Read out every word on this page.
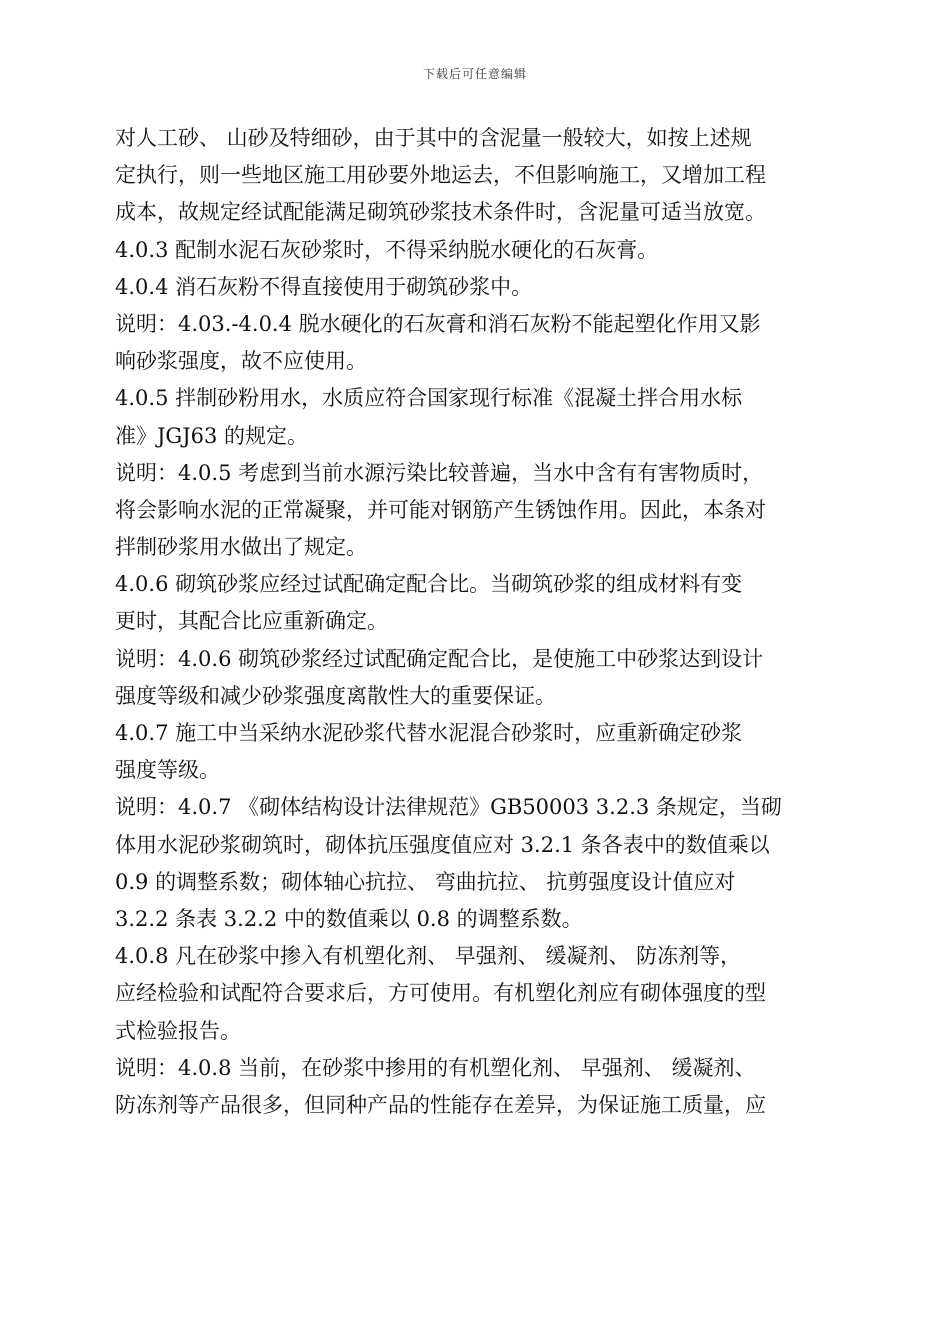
下载后可任意编辑
对人工砂、 山砂及特细砂，由于其中的含泥量一般较大，如按上述规
定执行，则一些地区施工用砂要外地运去，不但影响施工，又增加工程
成本，故规定经试配能满足砌筑砂浆技术条件时，含泥量可适当放宽。
4.0.3 配制水泥石灰砂浆时，不得采纳脱水硬化的石灰膏。
4.0.4 消石灰粉不得直接使用于砌筑砂浆中。
说明：4.03.-4.0.4 脱水硬化的石灰膏和消石灰粉不能起塑化作用又影
响砂浆强度，故不应使用。
4.0.5 拌制砂粉用水，水质应符合国家现行标准《混凝土拌合用水标
准》JGJ63 的规定。
说明：4.0.5 考虑到当前水源污染比较普遍，当水中含有有害物质时，
将会影响水泥的正常凝聚，并可能对钢筋产生锈蚀作用。因此，本条对
拌制砂浆用水做出了规定。
4.0.6 砌筑砂浆应经过试配确定配合比。当砌筑砂浆的组成材料有变
更时，其配合比应重新确定。
说明：4.0.6 砌筑砂浆经过试配确定配合比，是使施工中砂浆达到设计
强度等级和减少砂浆强度离散性大的重要保证。
4.0.7 施工中当采纳水泥砂浆代替水泥混合砂浆时，应重新确定砂浆
强度等级。
说明：4.0.7 《砌体结构设计法律规范》GB50003 3.2.3 条规定，当砌
体用水泥砂浆砌筑时，砌体抗压强度值应对 3.2.1 条各表中的数值乘以
0.9 的调整系数；砌体轴心抗拉、 弯曲抗拉、 抗剪强度设计值应对
3.2.2 条表 3.2.2 中的数值乘以 0.8 的调整系数。
4.0.8 凡在砂浆中掺入有机塑化剂、 早强剂、 缓凝剂、 防冻剂等，
应经检验和试配符合要求后，方可使用。有机塑化剂应有砌体强度的型
式检验报告。
说明：4.0.8 当前，在砂浆中掺用的有机塑化剂、 早强剂、 缓凝剂、
防冻剂等产品很多，但同种产品的性能存在差异，为保证施工质量，应
